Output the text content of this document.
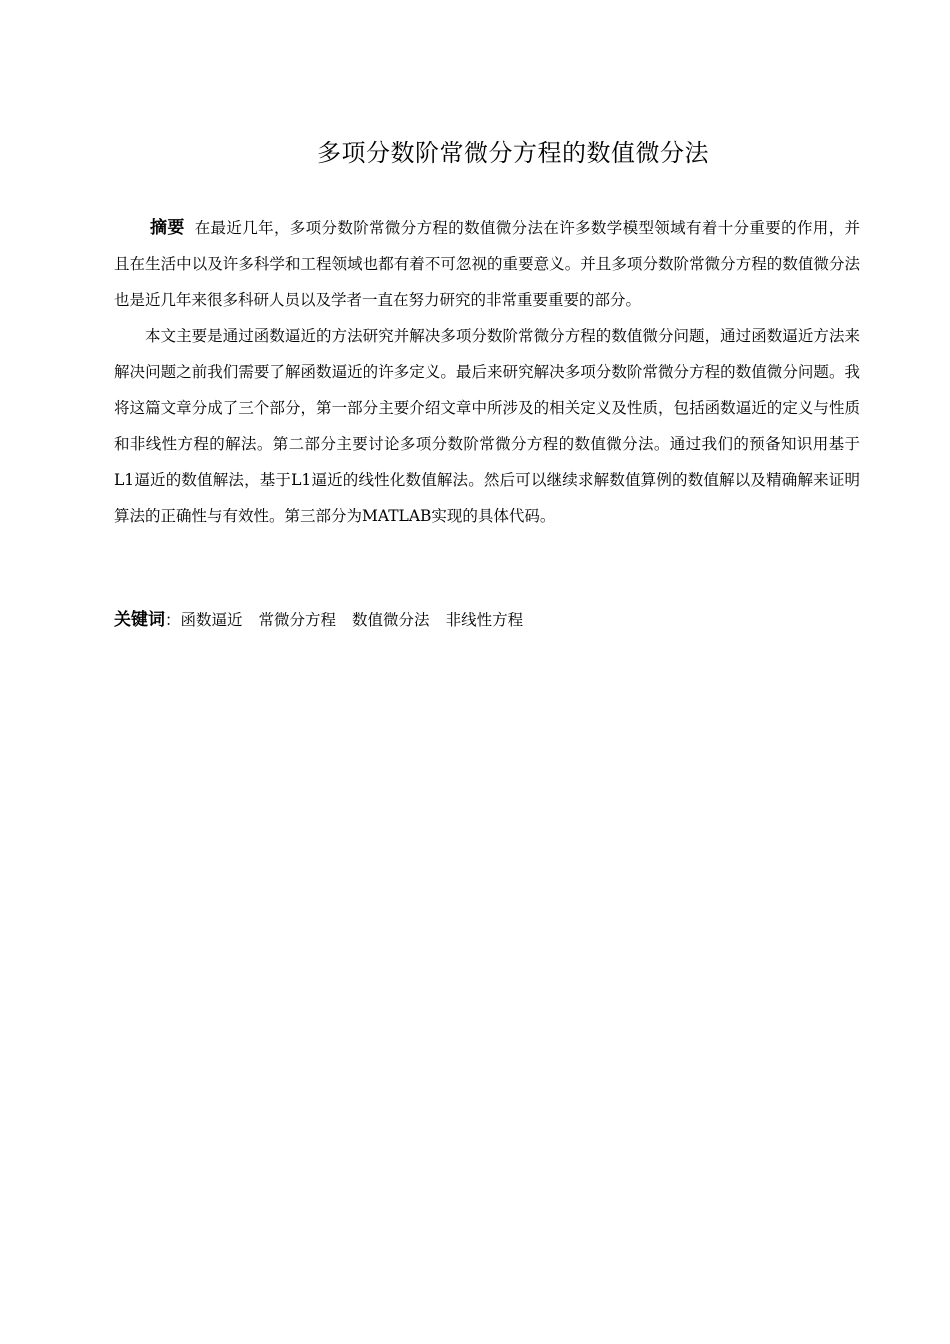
多项分数阶常微分方程的数值微分法

摘要 在最近几年，多项分数阶常微分方程的数值微分法在许多数学模型领域有着十分重要的作用，并且在生活中以及许多科学和工程领域也都有着不可忽视的重要意义。并且多项分数阶常微分方程的数值微分法也是近几年来很多科研人员以及学者一直在努力研究的非常重要重要的部分。

本文主要是通过函数逼近的方法研究并解决多项分数阶常微分方程的数值微分问题，通过函数逼近方法来解决问题之前我们需要了解函数逼近的许多定义。最后来研究解决多项分数阶常微分方程的数值微分问题。我将这篇文章分成了三个部分，第一部分主要介绍文章中所涉及的相关定义及性质，包括函数逼近的定义与性质和非线性方程的解法。第二部分主要讨论多项分数阶常微分方程的数值微分法。通过我们的预备知识用基于L1逼近的数值解法，基于L1逼近的线性化数值解法。然后可以继续求解数值算例的数值解以及精确解来证明算法的正确性与有效性。第三部分为MATLAB实现的具体代码。

关键词：函数逼近 常微分方程 数值微分法 非线性方程
